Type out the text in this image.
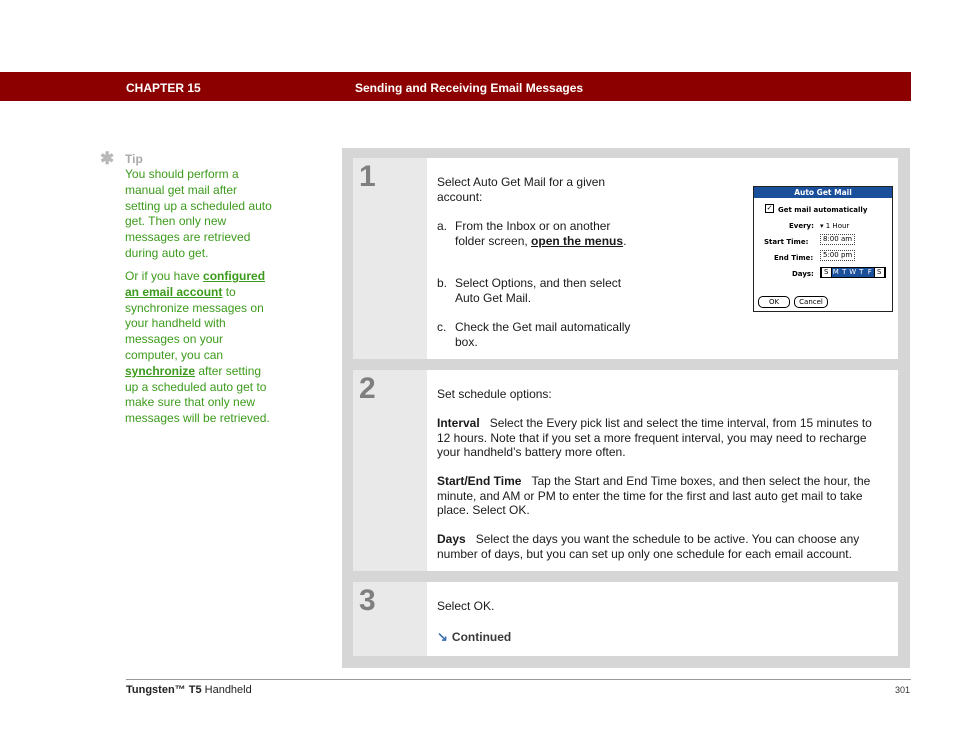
CHAPTER 15	Sending and Receiving Email Messages
✱ Tip

You should perform a manual get mail after setting up a scheduled auto get. Then only new messages are retrieved during auto get.

Or if you have configured an email account to synchronize messages on your handheld with messages on your computer, you can synchronize after setting up a scheduled auto get to make sure that only new messages will be retrieved.

1	Select Auto Get Mail for a given account:

a. From the Inbox or on another folder screen, open the menus.
b. Select Options, and then select Auto Get Mail.
c. Check the Get mail automatically box.
Auto Get Mail
✓ Get mail automatically
Every: ▾ 1 Hour
Start Time:	8:00 am
End Time:	5:00 pm
Days:	S M T W T F S
OK	Cancel
2	Set schedule options:

Interval Select the Every pick list and select the time interval, from 15 minutes to 12 hours. Note that if you set a more frequent interval, you may need to recharge your handheld’s battery more often.

Start/End Time Tap the Start and End Time boxes, and then select the hour, the minute, and AM or PM to enter the time for the first and last auto get mail to take place. Select OK.

Days Select the days you want the schedule to be active. You can choose any number of days, but you can set up only one schedule for each email account.

3	Select OK.

↘ Continued
Tungsten™ T5 Handheld	301
